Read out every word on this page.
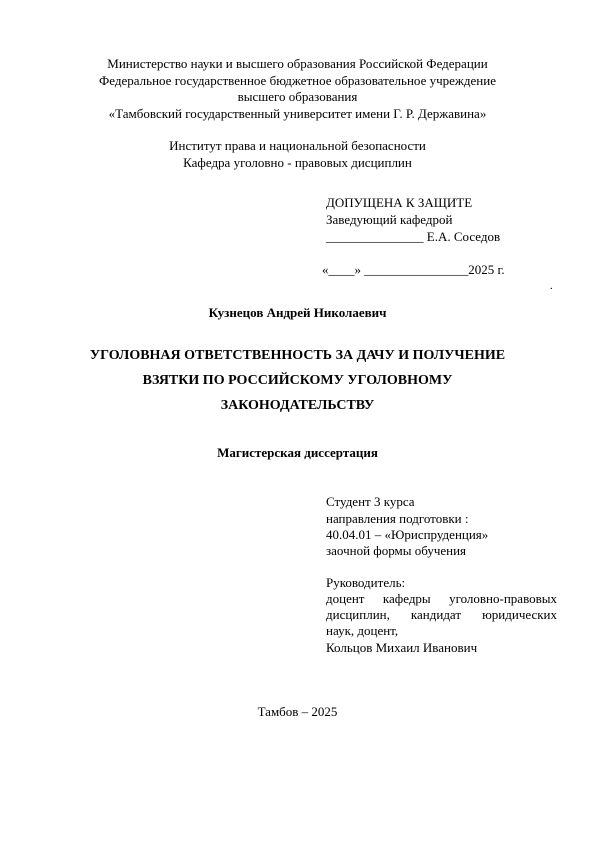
Министерство науки и высшего образования Российской Федерации
Федеральное государственное бюджетное образовательное учреждение
высшего образования
«Тамбовский государственный университет имени Г. Р. Державина»
Институт права и национальной безопасности
Кафедра уголовно - правовых дисциплин
ДОПУЩЕНА К ЗАЩИТЕ
Заведующий кафедрой
_______________ Е.А. Соседов
«____» ________________2025 г.
.
Кузнецов Андрей Николаевич
УГОЛОВНАЯ ОТВЕТСТВЕННОСТЬ ЗА ДАЧУ И ПОЛУЧЕНИЕ
ВЗЯТКИ ПО РОССИЙСКОМУ УГОЛОВНОМУ
ЗАКОНОДАТЕЛЬСТВУ
Магистерская диссертация
Студент 3 курса
направления подготовки :
40.04.01 – «Юриспруденция»
заочной формы обучения
Руководитель:
доцент кафедры уголовно-правовых
дисциплин, кандидат юридических
наук, доцент,
Кольцов Михаил Иванович
Тамбов – 2025
